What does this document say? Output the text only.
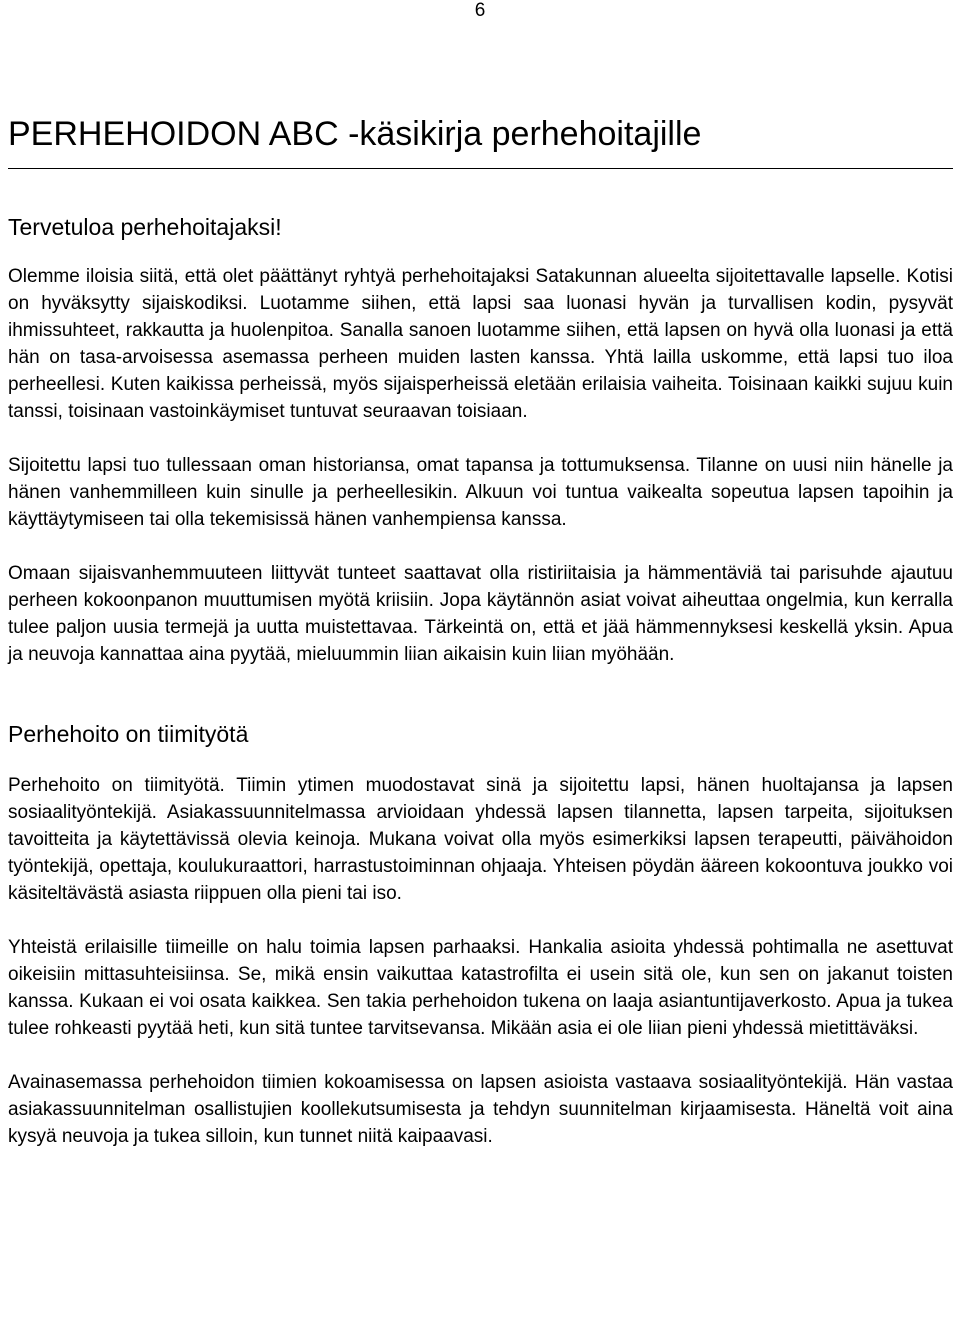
6
PERHEHOIDON ABC -käsikirja perhehoitajille
Tervetuloa perhehoitajaksi!

Olemme iloisia siitä, että olet päättänyt ryhtyä perhehoitajaksi Satakunnan alueelta sijoitettavalle lapselle. Kotisi on hyväksytty sijaiskodiksi. Luotamme siihen, että lapsi saa luonasi hyvän ja turvallisen kodin, pysyvät ihmissuhteet, rakkautta ja huolenpitoa. Sanalla sanoen luotamme siihen, että lapsen on hyvä olla luonasi ja että hän on tasa-arvoisessa asemassa perheen muiden lasten kanssa. Yhtä lailla uskomme, että lapsi tuo iloa perheellesi. Kuten kaikissa perheissä, myös sijaisperheissä eletään erilaisia vaiheita. Toisinaan kaikki sujuu kuin tanssi, toisinaan vastoinkäymiset tuntuvat seuraavan toisiaan.

Sijoitettu lapsi tuo tullessaan oman historiansa, omat tapansa ja tottumuksensa. Tilanne on uusi niin hänelle ja hänen vanhemmilleen kuin sinulle ja perheellesikin. Alkuun voi tuntua vaikealta sopeutua lapsen tapoihin ja käyttäytymiseen tai olla tekemisissä hänen vanhempiensa kanssa.

Omaan sijaisvanhemmuuteen liittyvät tunteet saattavat olla ristiriitaisia ja hämmentäviä tai parisuhde ajautuu perheen kokoonpanon muuttumisen myötä kriisiin. Jopa käytännön asiat voivat aiheuttaa ongelmia, kun kerralla tulee paljon uusia termejä ja uutta muistettavaa. Tärkeintä on, että et jää hämmennyksesi keskellä yksin. Apua ja neuvoja kannattaa aina pyytää, mieluummin liian aikaisin kuin liian myöhään.

Perhehoito on tiimityötä

Perhehoito on tiimityötä. Tiimin ytimen muodostavat sinä ja sijoitettu lapsi, hänen huoltajansa ja lapsen sosiaalityöntekijä. Asiakassuunnitelmassa arvioidaan yhdessä lapsen tilannetta, lapsen tarpeita, sijoituksen tavoitteita ja käytettävissä olevia keinoja. Mukana voivat olla myös esimerkiksi lapsen terapeutti, päivähoidon työntekijä, opettaja, koulukuraattori, harrastustoiminnan ohjaaja. Yhteisen pöydän ääreen kokoontuva joukko voi käsiteltävästä asiasta riippuen olla pieni tai iso.

Yhteistä erilaisille tiimeille on halu toimia lapsen parhaaksi. Hankalia asioita yhdessä pohtimalla ne asettuvat oikeisiin mittasuhteisiinsa. Se, mikä ensin vaikuttaa katastrofilta ei usein sitä ole, kun sen on jakanut toisten kanssa. Kukaan ei voi osata kaikkea. Sen takia perhehoidon tukena on laaja asiantuntijaverkosto. Apua ja tukea tulee rohkeasti pyytää heti, kun sitä tuntee tarvitsevansa. Mikään asia ei ole liian pieni yhdessä mietittäväksi.

Avainasemassa perhehoidon tiimien kokoamisessa on lapsen asioista vastaava sosiaalityöntekijä. Hän vastaa asiakassuunnitelman osallistujien koollekutsumisesta ja tehdyn suunnitelman kirjaamisesta. Häneltä voit aina kysyä neuvoja ja tukea silloin, kun tunnet niitä kaipaavasi.
